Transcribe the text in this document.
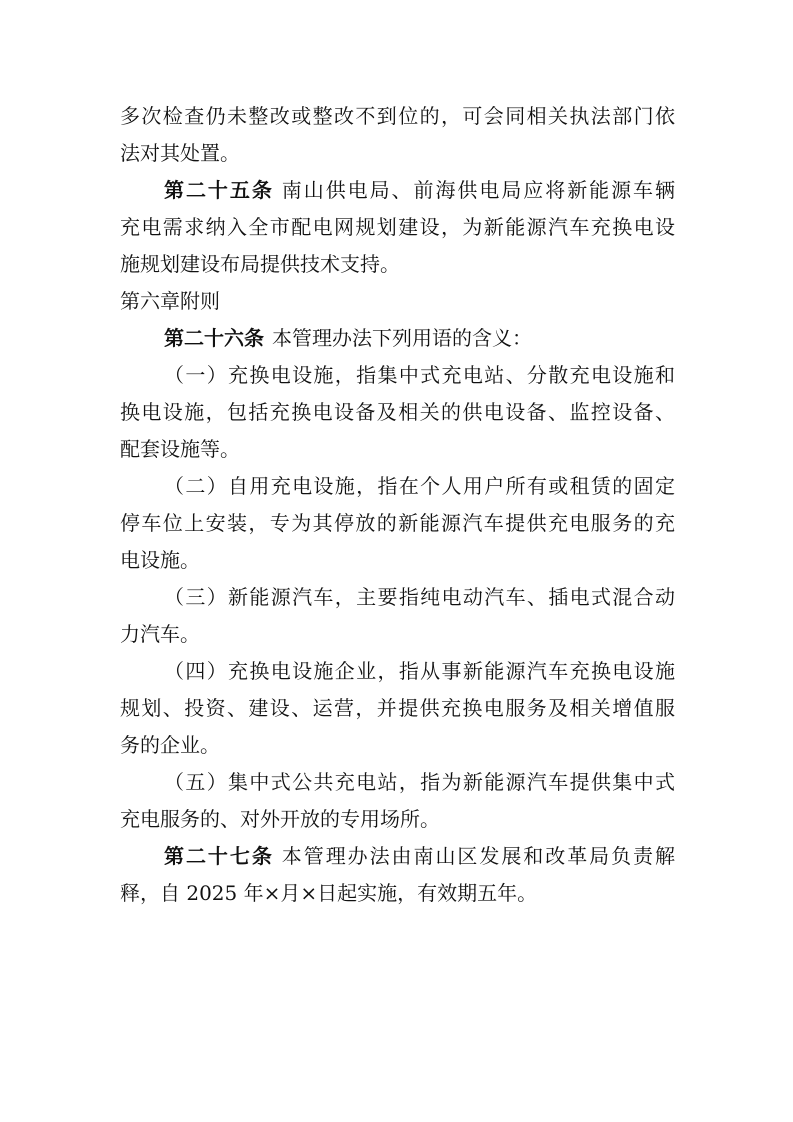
多次检查仍未整改或整改不到位的，可会同相关执法部门依
法对其处置。
第二十五条 南山供电局、前海供电局应将新能源车辆
充电需求纳入全市配电网规划建设，为新能源汽车充换电设
施规划建设布局提供技术支持。
第六章附则
第二十六条 本管理办法下列用语的含义：
（一）充换电设施，指集中式充电站、分散充电设施和
换电设施，包括充换电设备及相关的供电设备、监控设备、
配套设施等。
（二）自用充电设施，指在个人用户所有或租赁的固定
停车位上安装，专为其停放的新能源汽车提供充电服务的充
电设施。
（三）新能源汽车，主要指纯电动汽车、插电式混合动
力汽车。
（四）充换电设施企业，指从事新能源汽车充换电设施
规划、投资、建设、运营，并提供充换电服务及相关增值服
务的企业。
（五）集中式公共充电站，指为新能源汽车提供集中式
充电服务的、对外开放的专用场所。
第二十七条 本管理办法由南山区发展和改革局负责解
释，自 2025 年×月×日起实施，有效期五年。
